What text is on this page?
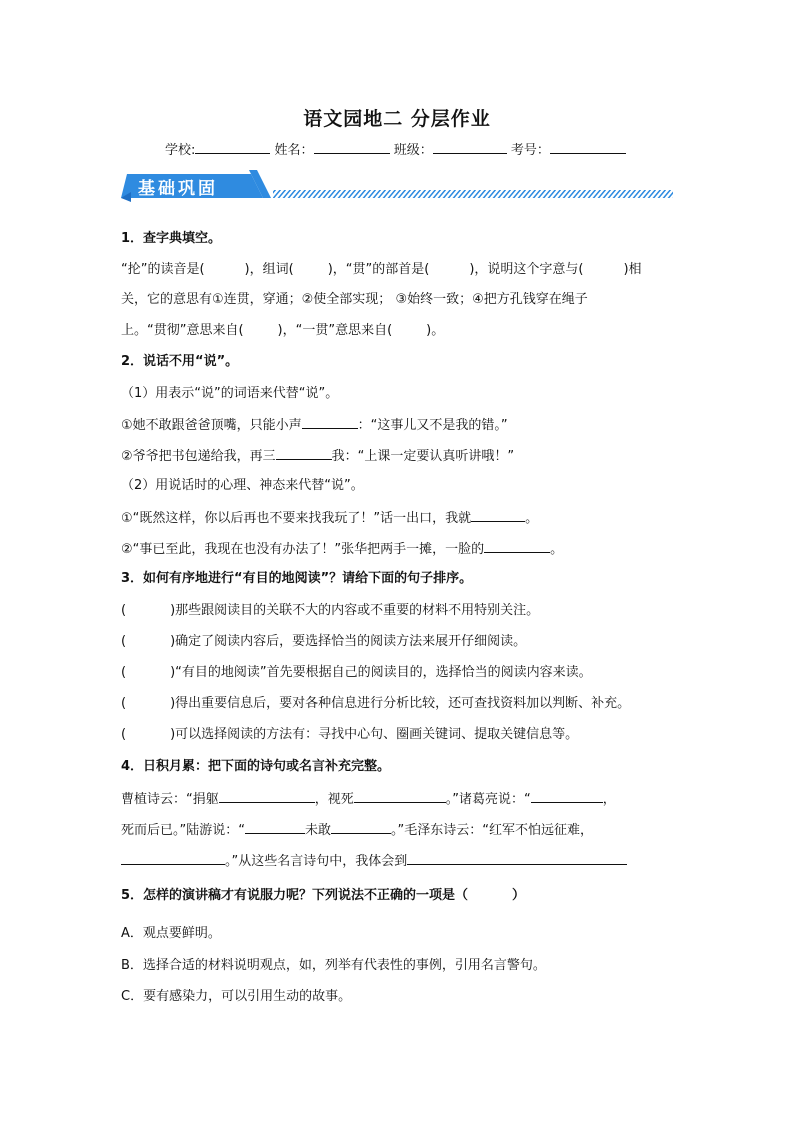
语文园地二 分层作业
学校:	姓名：	班级：	考号：
基础巩固
1．查字典填空。
“抡”的读音是(	)，组词(	)，“贯”的部首是(	)，说明这个字意与(	)相
关，它的意思有①连贯，穿通；②使全部实现； ③始终一致；④把方孔钱穿在绳子
上。“贯彻”意思来自(	)，“一贯”意思来自(	)。
2．说话不用“说”。
（1）用表示“说”的词语来代替“说”。
①她不敢跟爸爸顶嘴，只能小声	：“这事儿又不是我的错。”
②爷爷把书包递给我，再三	我：“上课一定要认真听讲哦！”
（2）用说话时的心理、神态来代替“说”。
①“既然这样，你以后再也不要来找我玩了！”话一出口，我就	。
②“事已至此，我现在也没有办法了！”张华把两手一摊，一脸的	。
3．如何有序地进行“有目的地阅读”？请给下面的句子排序。
(	)那些跟阅读目的关联不大的内容或不重要的材料不用特别关注。
(	)确定了阅读内容后，要选择恰当的阅读方法来展开仔细阅读。
(	)“有目的地阅读”首先要根据自己的阅读目的，选择恰当的阅读内容来读。
(	)得出重要信息后，要对各种信息进行分析比较，还可查找资料加以判断、补充。
(	)可以选择阅读的方法有：寻找中心句、圈画关键词、提取关键信息等。
4．日积月累：把下面的诗句或名言补充完整。
曹植诗云：“捐躯	，视死	。”诸葛亮说：“	，
死而后已。”陆游说：“	未敢	。”毛泽东诗云：“红军不怕远征难，
。”从这些名言诗句中，我体会到
5．怎样的演讲稿才有说服力呢？下列说法不正确的一项是（	）
A．观点要鲜明。
B．选择合适的材料说明观点，如，列举有代表性的事例，引用名言警句。
C．要有感染力，可以引用生动的故事。
